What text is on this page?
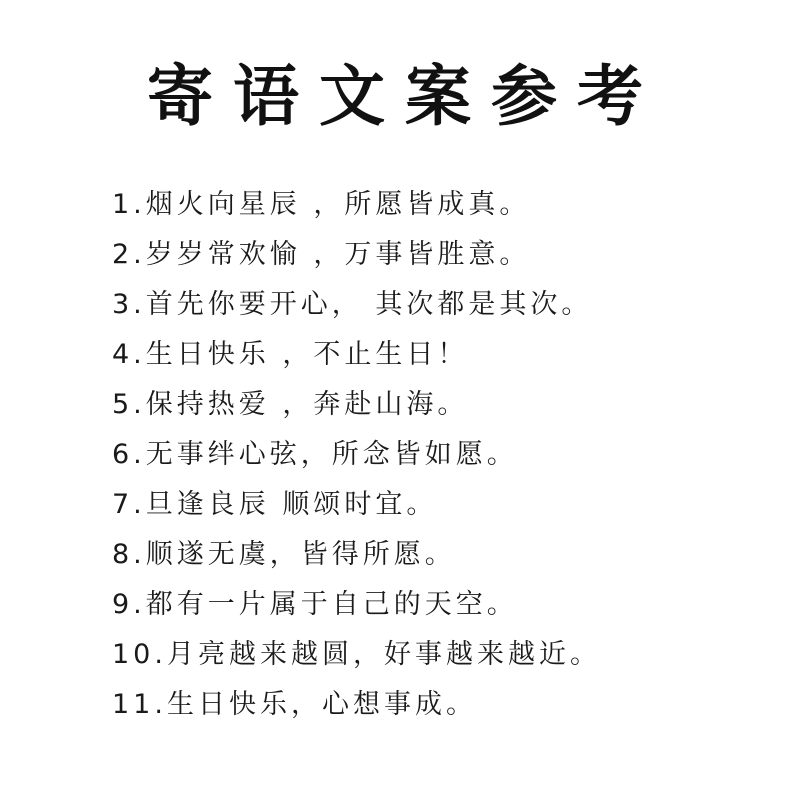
寄语文案参考
1.烟火向星辰 ，所愿皆成真。
2.岁岁常欢愉 ，万事皆胜意。
3.首先你要开心， 其次都是其次。
4.生日快乐 ，不止生日！
5.保持热爱 ，奔赴山海。
6.无事绊心弦，所念皆如愿。
7.旦逢良辰 顺颂时宜。
8.顺遂无虞，皆得所愿。
9.都有一片属于自己的天空。
10.月亮越来越圆，好事越来越近。
11.生日快乐，心想事成。
